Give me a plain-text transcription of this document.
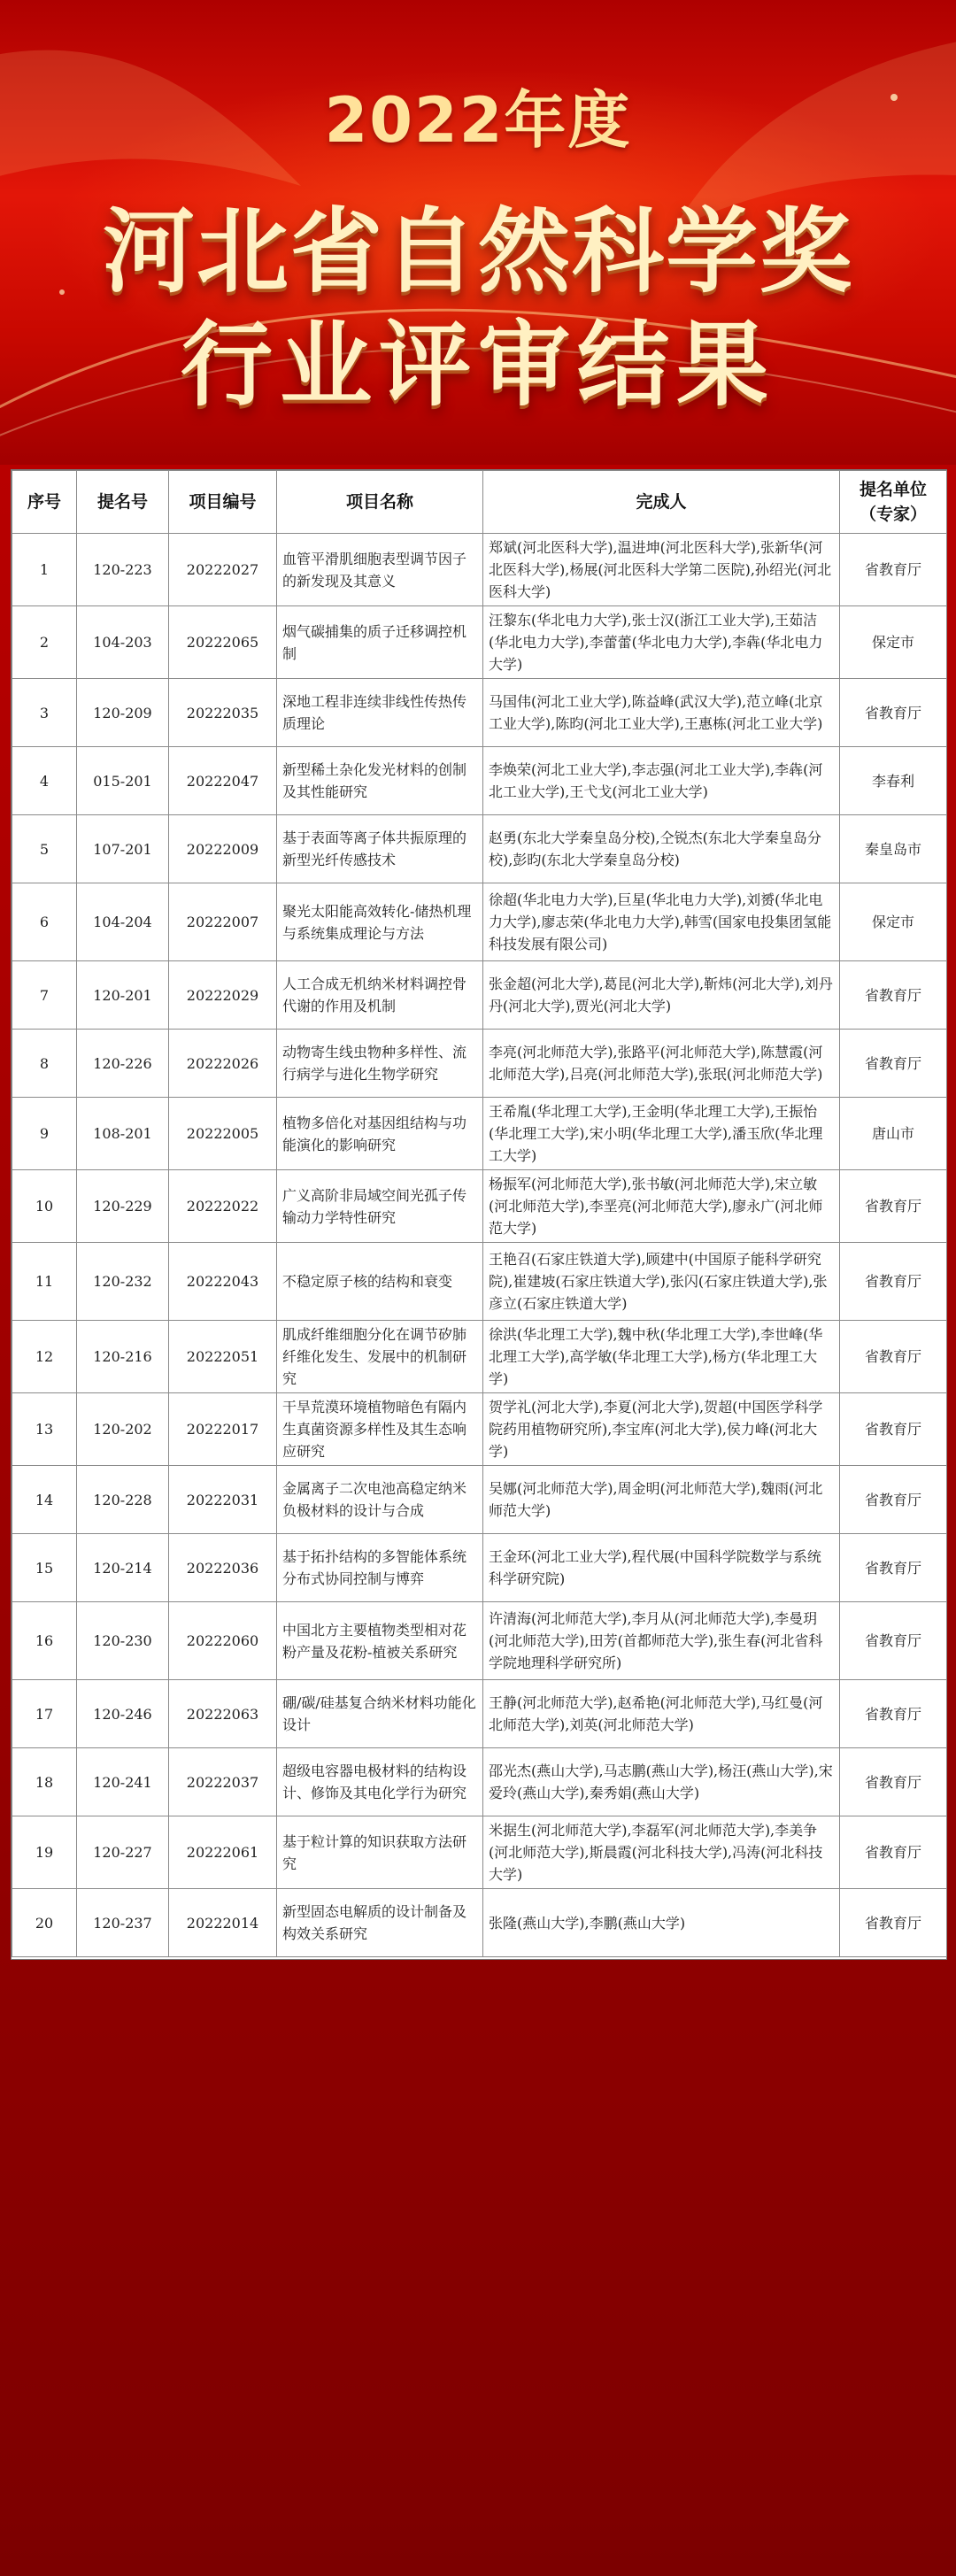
2022年度
河北省自然科学奖
行业评审结果
序号	提名号	项目编号	项目名称	完成人	提名单位（专家）
1	120-223	20222027	血管平滑肌细胞表型调节因子的新发现及其意义	郑斌(河北医科大学),温进坤(河北医科大学),张新华(河北医科大学),杨展(河北医科大学第二医院),孙绍光(河北医科大学)	省教育厅
2	104-203	20222065	烟气碳捕集的质子迁移调控机制	汪黎东(华北电力大学),张士汉(浙江工业大学),王茹洁(华北电力大学),李蕾蕾(华北电力大学),李犇(华北电力大学)	保定市
3	120-209	20222035	深地工程非连续非线性传热传质理论	马国伟(河北工业大学),陈益峰(武汉大学),范立峰(北京工业大学),陈昀(河北工业大学),王惠栋(河北工业大学)	省教育厅
4	015-201	20222047	新型稀土杂化发光材料的创制及其性能研究	李焕荣(河北工业大学),李志强(河北工业大学),李犇(河北工业大学),王弋戈(河北工业大学)	李春利
5	107-201	20222009	基于表面等离子体共振原理的新型光纤传感技术	赵勇(东北大学秦皇岛分校),仝锐杰(东北大学秦皇岛分校),彭昀(东北大学秦皇岛分校)	秦皇岛市
6	104-204	20222007	聚光太阳能高效转化-储热机理与系统集成理论与方法	徐超(华北电力大学),巨星(华北电力大学),刘赟(华北电力大学),廖志荣(华北电力大学),韩雪(国家电投集团氢能科技发展有限公司)	保定市
7	120-201	20222029	人工合成无机纳米材料调控骨代谢的作用及机制	张金超(河北大学),葛昆(河北大学),靳炜(河北大学),刘丹丹(河北大学),贾光(河北大学)	省教育厅
8	120-226	20222026	动物寄生线虫物种多样性、流行病学与进化生物学研究	李亮(河北师范大学),张路平(河北师范大学),陈慧霞(河北师范大学),吕亮(河北师范大学),张珉(河北师范大学)	省教育厅
9	108-201	20222005	植物多倍化对基因组结构与功能演化的影响研究	王希胤(华北理工大学),王金明(华北理工大学),王振怡(华北理工大学),宋小明(华北理工大学),潘玉欣(华北理工大学)	唐山市
10	120-229	20222022	广义高阶非局域空间光孤子传输动力学特性研究	杨振军(河北师范大学),张书敏(河北师范大学),宋立敏(河北师范大学),李垩亮(河北师范大学),廖永广(河北师范大学)	省教育厅
11	120-232	20222043	不稳定原子核的结构和衰变	王艳召(石家庄铁道大学),顾建中(中国原子能科学研究院),崔建坡(石家庄铁道大学),张闪(石家庄铁道大学),张彦立(石家庄铁道大学)	省教育厅
12	120-216	20222051	肌成纤维细胞分化在调节矽肺纤维化发生、发展中的机制研究	徐洪(华北理工大学),魏中秋(华北理工大学),李世峰(华北理工大学),高学敏(华北理工大学),杨方(华北理工大学)	省教育厅
13	120-202	20222017	干旱荒漠环境植物暗色有隔内生真菌资源多样性及其生态响应研究	贺学礼(河北大学),李夏(河北大学),贺超(中国医学科学院药用植物研究所),李宝库(河北大学),侯力峰(河北大学)	省教育厅
14	120-228	20222031	金属离子二次电池高稳定纳米负极材料的设计与合成	吴娜(河北师范大学),周金明(河北师范大学),魏雨(河北师范大学)	省教育厅
15	120-214	20222036	基于拓扑结构的多智能体系统分布式协同控制与博弈	王金环(河北工业大学),程代展(中国科学院数学与系统科学研究院)	省教育厅
16	120-230	20222060	中国北方主要植物类型相对花粉产量及花粉-植被关系研究	许清海(河北师范大学),李月从(河北师范大学),李曼玥(河北师范大学),田芳(首都师范大学),张生春(河北省科学院地理科学研究所)	省教育厅
17	120-246	20222063	硼/碳/硅基复合纳米材料功能化设计	王静(河北师范大学),赵希艳(河北师范大学),马红曼(河北师范大学),刘英(河北师范大学)	省教育厅
18	120-241	20222037	超级电容器电极材料的结构设计、修饰及其电化学行为研究	邵光杰(燕山大学),马志鹏(燕山大学),杨汪(燕山大学),宋爱玲(燕山大学),秦秀娟(燕山大学)	省教育厅
19	120-227	20222061	基于粒计算的知识获取方法研究	米据生(河北师范大学),李磊军(河北师范大学),李美争(河北师范大学),斯晨霞(河北科技大学),冯涛(河北科技大学)	省教育厅
20	120-237	20222014	新型固态电解质的设计制备及构效关系研究	张隆(燕山大学),李鹏(燕山大学)	省教育厅
